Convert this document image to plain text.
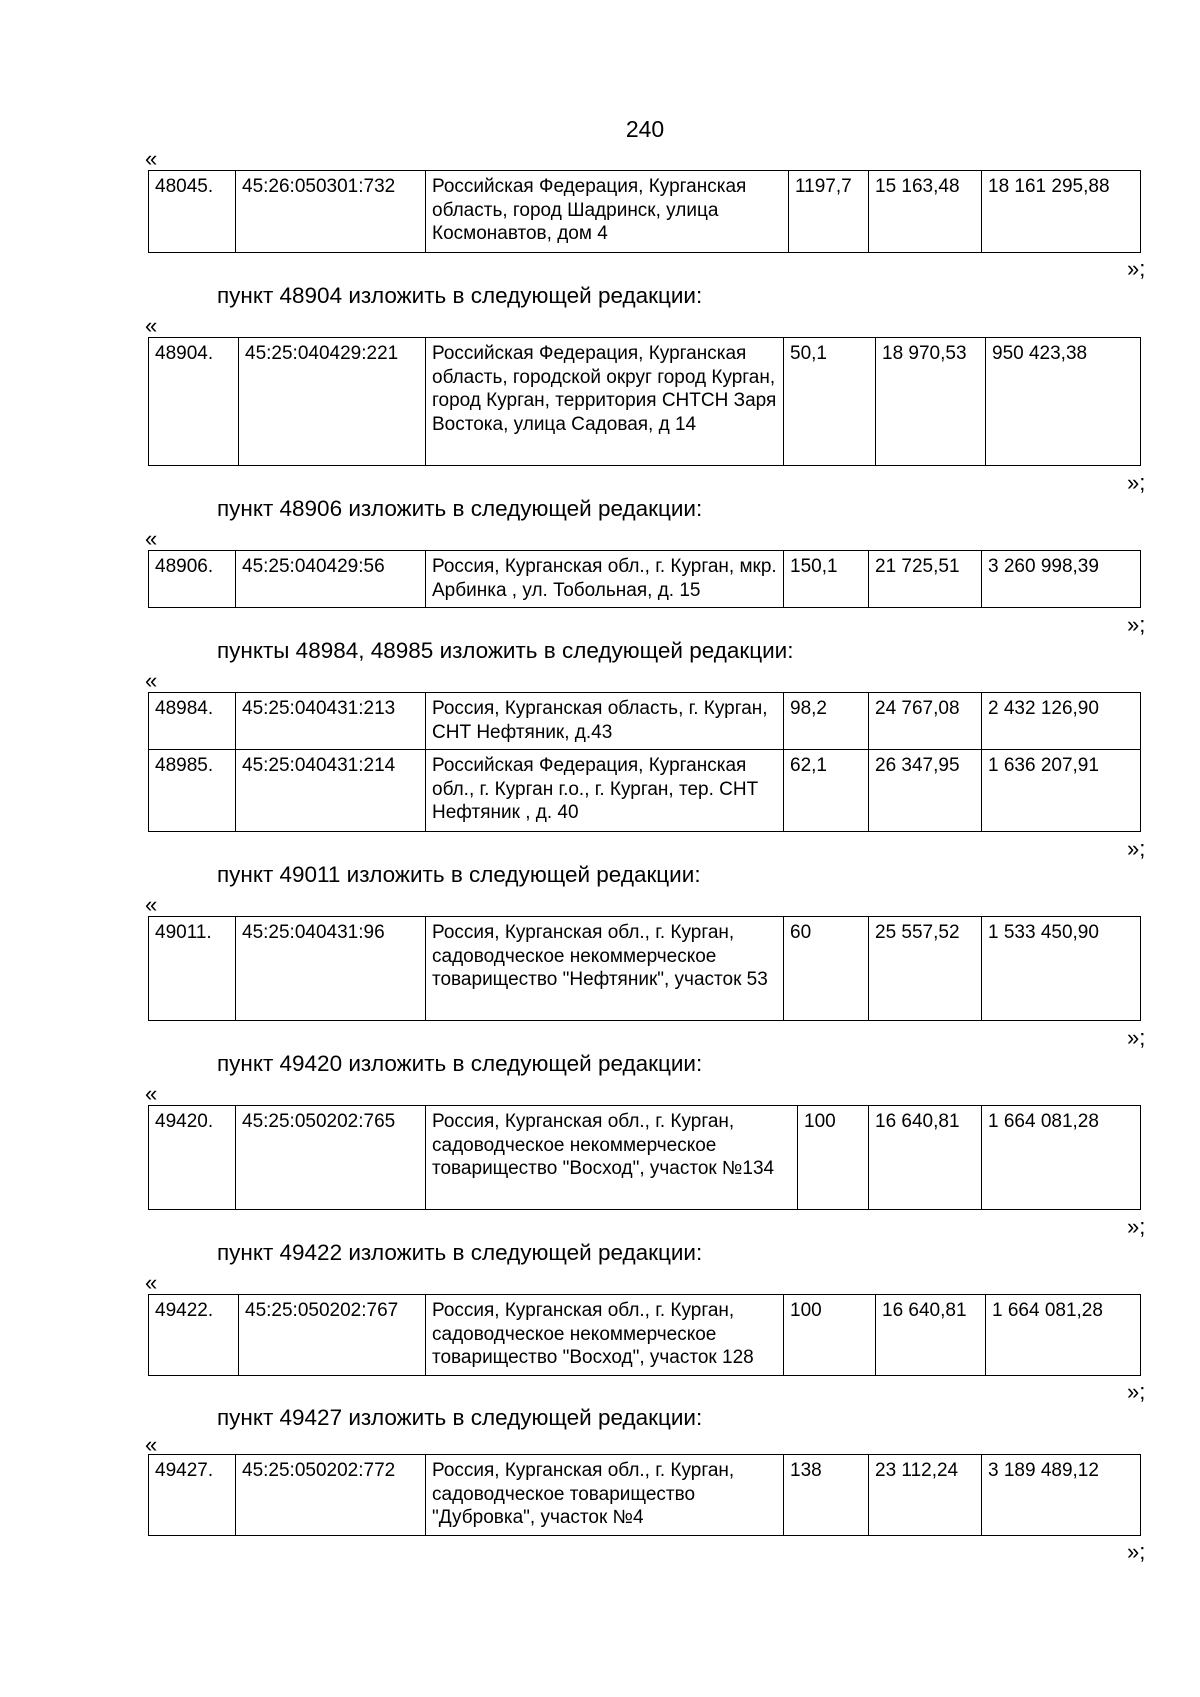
240
«
48045.	45:26:050301:732	Российская Федерация, Курганская область, город Шадринск, улица Космонавтов, дом 4	1197,7	15 163,48	18 161 295,88
»;
пункт 48904 изложить в следующей редакции:
«
48904.	45:25:040429:221	Российская Федерация, Курганская область, городской округ город Курган, город Курган, территория СНТСН Заря Востока, улица Садовая, д 14	50,1	18 970,53	950 423,38
»;
пункт 48906 изложить в следующей редакции:
«
48906.	45:25:040429:56	Россия, Курганская обл., г. Курган, мкр. Арбинка , ул. Тобольная, д. 15	150,1	21 725,51	3 260 998,39
»;
пункты 48984, 48985 изложить в следующей редакции:
«
48984.	45:25:040431:213	Россия, Курганская область, г. Курган, СНТ Нефтяник, д.43	98,2	24 767,08	2 432 126,90
48985.	45:25:040431:214	Российская Федерация, Курганская обл., г. Курган г.о., г. Курган, тер. СНТ Нефтяник , д. 40	62,1	26 347,95	1 636 207,91
»;
пункт 49011 изложить в следующей редакции:
«
49011.	45:25:040431:96	Россия, Курганская обл., г. Курган, садоводческое некоммерческое товарищество "Нефтяник", участок 53	60	25 557,52	1 533 450,90
»;
пункт 49420 изложить в следующей редакции:
«
49420.	45:25:050202:765	Россия, Курганская обл., г. Курган, садоводческое некоммерческое товарищество "Восход", участок №134	100	16 640,81	1 664 081,28
»;
пункт 49422 изложить в следующей редакции:
«
49422.	45:25:050202:767	Россия, Курганская обл., г. Курган, садоводческое некоммерческое товарищество "Восход", участок 128	100	16 640,81	1 664 081,28
»;
пункт 49427 изложить в следующей редакции:
«
49427.	45:25:050202:772	Россия, Курганская обл., г. Курган, садоводческое товарищество "Дубровка", участок №4	138	23 112,24	3 189 489,12
»;
